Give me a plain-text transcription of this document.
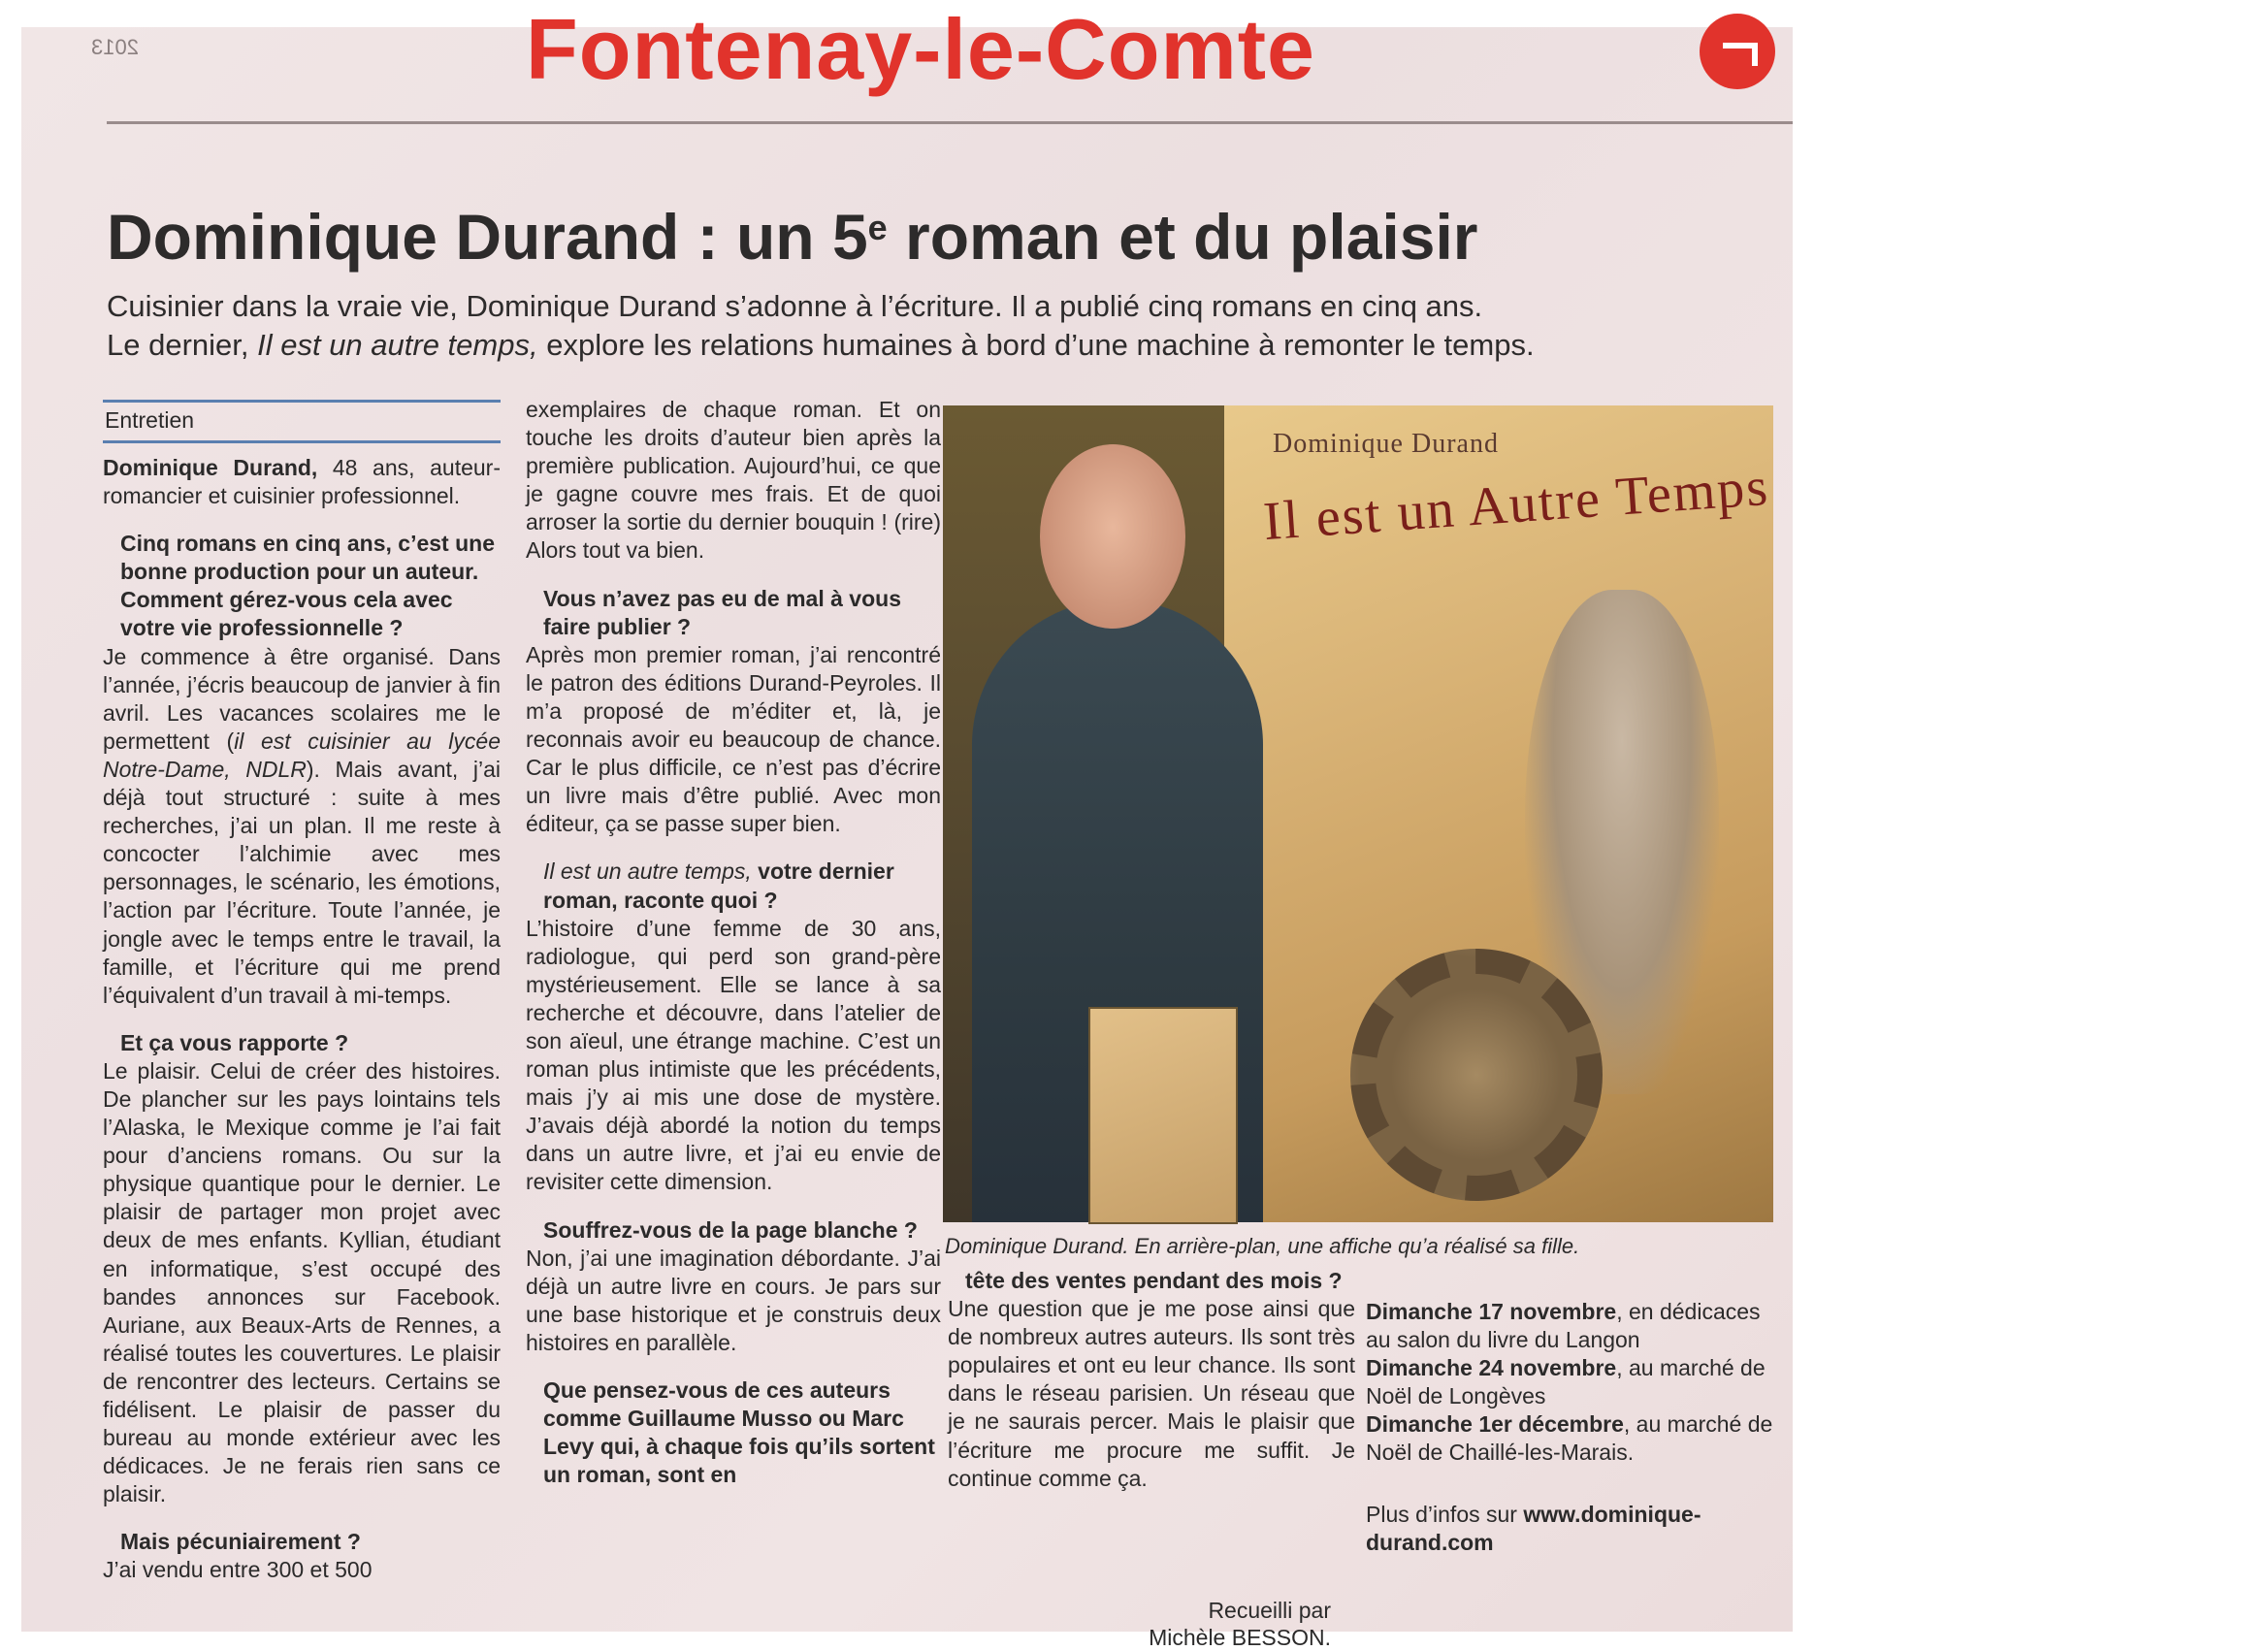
2013	Fontenay-le-Comte
Dominique Durand : un 5e roman et du plaisir
Cuisinier dans la vraie vie, Dominique Durand s’adonne à l’écriture. Il a publié cinq romans en cinq ans.
Le dernier, Il est un autre temps, explore les relations humaines à bord d’une machine à remonter le temps.
Entretien

Dominique Durand, 48 ans, auteur-romancier et cuisinier professionnel.

Cinq romans en cinq ans, c’est une bonne production pour un auteur. Comment gérez-vous cela avec votre vie professionnelle ?

Je commence à être organisé. Dans l’année, j’écris beaucoup de janvier à fin avril. Les vacances scolaires me le permettent (il est cuisinier au lycée Notre-Dame, NDLR). Mais avant, j’ai déjà tout structuré : suite à mes recherches, j’ai un plan. Il me reste à concocter l’alchimie avec mes personnages, le scénario, les émotions, l’action par l’écriture. Toute l’année, je jongle avec le temps entre le travail, la famille, et l’écriture qui me prend l’équivalent d’un travail à mi-temps.

Et ça vous rapporte ?

Le plaisir. Celui de créer des histoires. De plancher sur les pays lointains tels l’Alaska, le Mexique comme je l’ai fait pour d’anciens romans. Ou sur la physique quantique pour le dernier. Le plaisir de partager mon projet avec deux de mes enfants. Kyllian, étudiant en informatique, s’est occupé des bandes annonces sur Facebook. Auriane, aux Beaux-Arts de Rennes, a réalisé toutes les couvertures. Le plaisir de rencontrer des lecteurs. Certains se fidélisent. Le plaisir de passer du bureau au monde extérieur avec les dédicaces. Je ne ferais rien sans ce plaisir.

Mais pécuniairement ?

J’ai vendu entre 300 et 500

exemplaires de chaque roman. Et on touche les droits d’auteur bien après la première publication. Aujourd’hui, ce que je gagne couvre mes frais. Et de quoi arroser la sortie du dernier bouquin ! (rire) Alors tout va bien.

Vous n’avez pas eu de mal à vous faire publier ?

Après mon premier roman, j’ai rencontré le patron des éditions Durand-Peyroles. Il m’a proposé de m’éditer et, là, je reconnais avoir eu beaucoup de chance. Car le plus difficile, ce n’est pas d’écrire un livre mais d’être publié. Avec mon éditeur, ça se passe super bien.

Il est un autre temps, votre dernier roman, raconte quoi ?

L’histoire d’une femme de 30 ans, radiologue, qui perd son grand-père mystérieusement. Elle se lance à sa recherche et découvre, dans l’atelier de son aïeul, une étrange machine. C’est un roman plus intimiste que les précédents, mais j’y ai mis une dose de mystère. J’avais déjà abordé la notion du temps dans un autre livre, et j’ai eu envie de revisiter cette dimension.

Souffrez-vous de la page blanche ?

Non, j’ai une imagination débordante. J’ai déjà un autre livre en cours. Je pars sur une base historique et je construis deux histoires en parallèle.

Que pensez-vous de ces auteurs comme Guillaume Musso ou Marc Levy qui, à chaque fois qu’ils sortent un roman, sont en

Dominique Durand
Il est un Autre Temps
Dominique Durand. En arrière-plan, une affiche qu’a réalisé sa fille.

tête des ventes pendant des mois ?

Une question que je me pose ainsi que de nombreux autres auteurs. Ils sont très populaires et ont eu leur chance. Ils sont dans le réseau parisien. Un réseau que je ne saurais percer. Mais le plaisir que l’écriture me procure me suffit. Je continue comme ça.

Recueilli par
Michèle BESSON.

Dimanche 17 novembre, en dédicaces au salon du livre du Langon

Dimanche 24 novembre, au marché de Noël de Longèves

Dimanche 1er décembre, au marché de Noël de Chaillé-les-Marais.

Plus d’infos sur www.dominique-durand.com
